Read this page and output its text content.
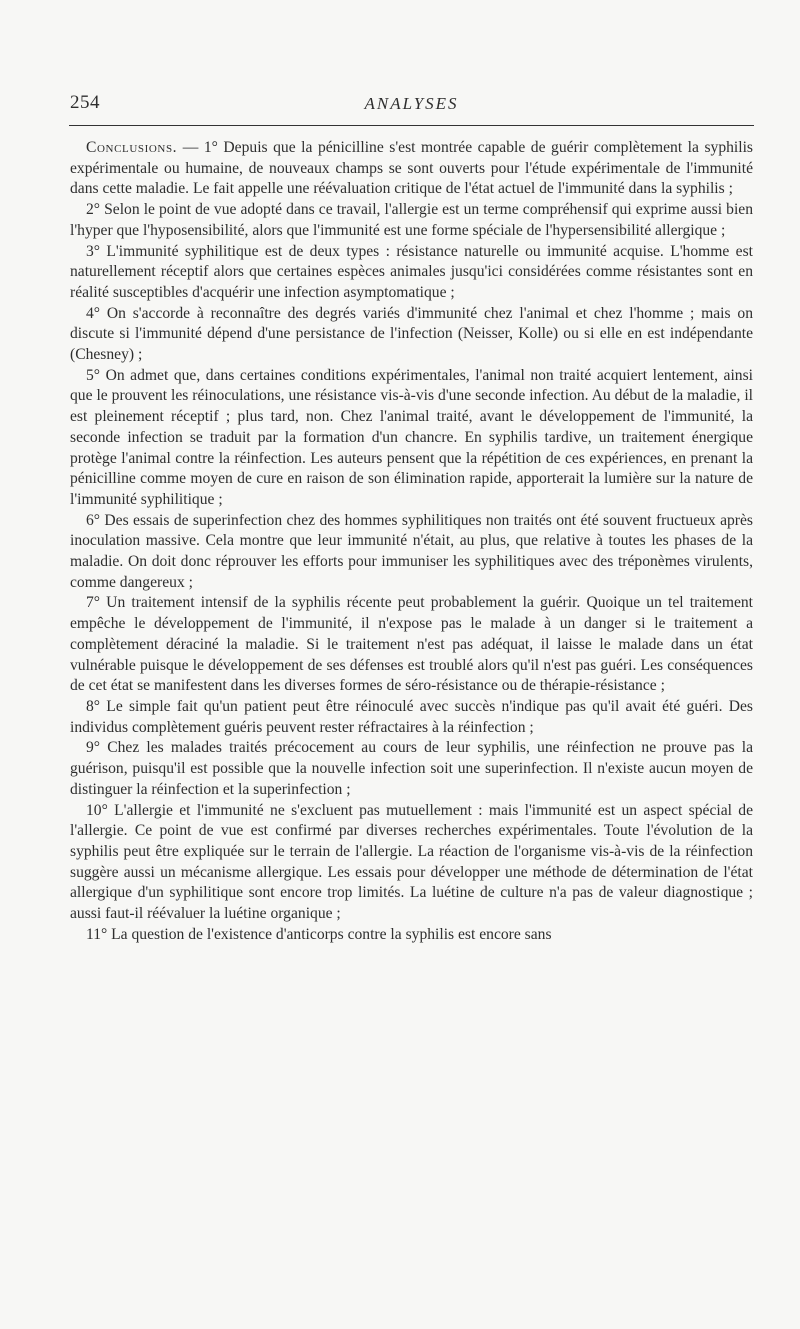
254	ANALYSES

Conclusions. — 1° Depuis que la pénicilline s'est montrée capable de guérir complètement la syphilis expérimentale ou humaine, de nouveaux champs se sont ouverts pour l'étude expérimentale de l'immunité dans cette maladie. Le fait appelle une réévaluation critique de l'état actuel de l'immunité dans la syphilis ;

2° Selon le point de vue adopté dans ce travail, l'allergie est un terme compréhensif qui exprime aussi bien l'hyper que l'hyposensibilité, alors que l'immunité est une forme spéciale de l'hypersensibilité allergique ;

3° L'immunité syphilitique est de deux types : résistance naturelle ou immunité acquise. L'homme est naturellement réceptif alors que certaines espèces animales jusqu'ici considérées comme résistantes sont en réalité susceptibles d'acquérir une infection asymptomatique ;

4° On s'accorde à reconnaître des degrés variés d'immunité chez l'animal et chez l'homme ; mais on discute si l'immunité dépend d'une persistance de l'infection (Neisser, Kolle) ou si elle en est indépendante (Chesney) ;

5° On admet que, dans certaines conditions expérimentales, l'animal non traité acquiert lentement, ainsi que le prouvent les réinoculations, une résistance vis-à-vis d'une seconde infection. Au début de la maladie, il est pleinement réceptif ; plus tard, non. Chez l'animal traité, avant le développement de l'immunité, la seconde infection se traduit par la formation d'un chancre. En syphilis tardive, un traitement énergique protège l'animal contre la réinfection. Les auteurs pensent que la répétition de ces expériences, en prenant la pénicilline comme moyen de cure en raison de son élimination rapide, apporterait la lumière sur la nature de l'immunité syphilitique ;

6° Des essais de superinfection chez des hommes syphilitiques non traités ont été souvent fructueux après inoculation massive. Cela montre que leur immunité n'était, au plus, que relative à toutes les phases de la maladie. On doit donc réprouver les efforts pour immuniser les syphilitiques avec des tréponèmes virulents, comme dangereux ;

7° Un traitement intensif de la syphilis récente peut probablement la guérir. Quoique un tel traitement empêche le développement de l'immunité, il n'expose pas le malade à un danger si le traitement a complètement déraciné la maladie. Si le traitement n'est pas adéquat, il laisse le malade dans un état vulnérable puisque le développement de ses défenses est troublé alors qu'il n'est pas guéri. Les conséquences de cet état se manifestent dans les diverses formes de séro-résistance ou de thérapie-résistance ;

8° Le simple fait qu'un patient peut être réinoculé avec succès n'indique pas qu'il avait été guéri. Des individus complètement guéris peuvent rester réfractaires à la réinfection ;

9° Chez les malades traités précocement au cours de leur syphilis, une réinfection ne prouve pas la guérison, puisqu'il est possible que la nouvelle infection soit une superinfection. Il n'existe aucun moyen de distinguer la réinfection et la superinfection ;

10° L'allergie et l'immunité ne s'excluent pas mutuellement : mais l'immunité est un aspect spécial de l'allergie. Ce point de vue est confirmé par diverses recherches expérimentales. Toute l'évolution de la syphilis peut être expliquée sur le terrain de l'allergie. La réaction de l'organisme vis-à-vis de la réinfection suggère aussi un mécanisme allergique. Les essais pour développer une méthode de détermination de l'état allergique d'un syphilitique sont encore trop limités. La luétine de culture n'a pas de valeur diagnostique ; aussi faut-il réévaluer la luétine organique ;

11° La question de l'existence d'anticorps contre la syphilis est encore sans
